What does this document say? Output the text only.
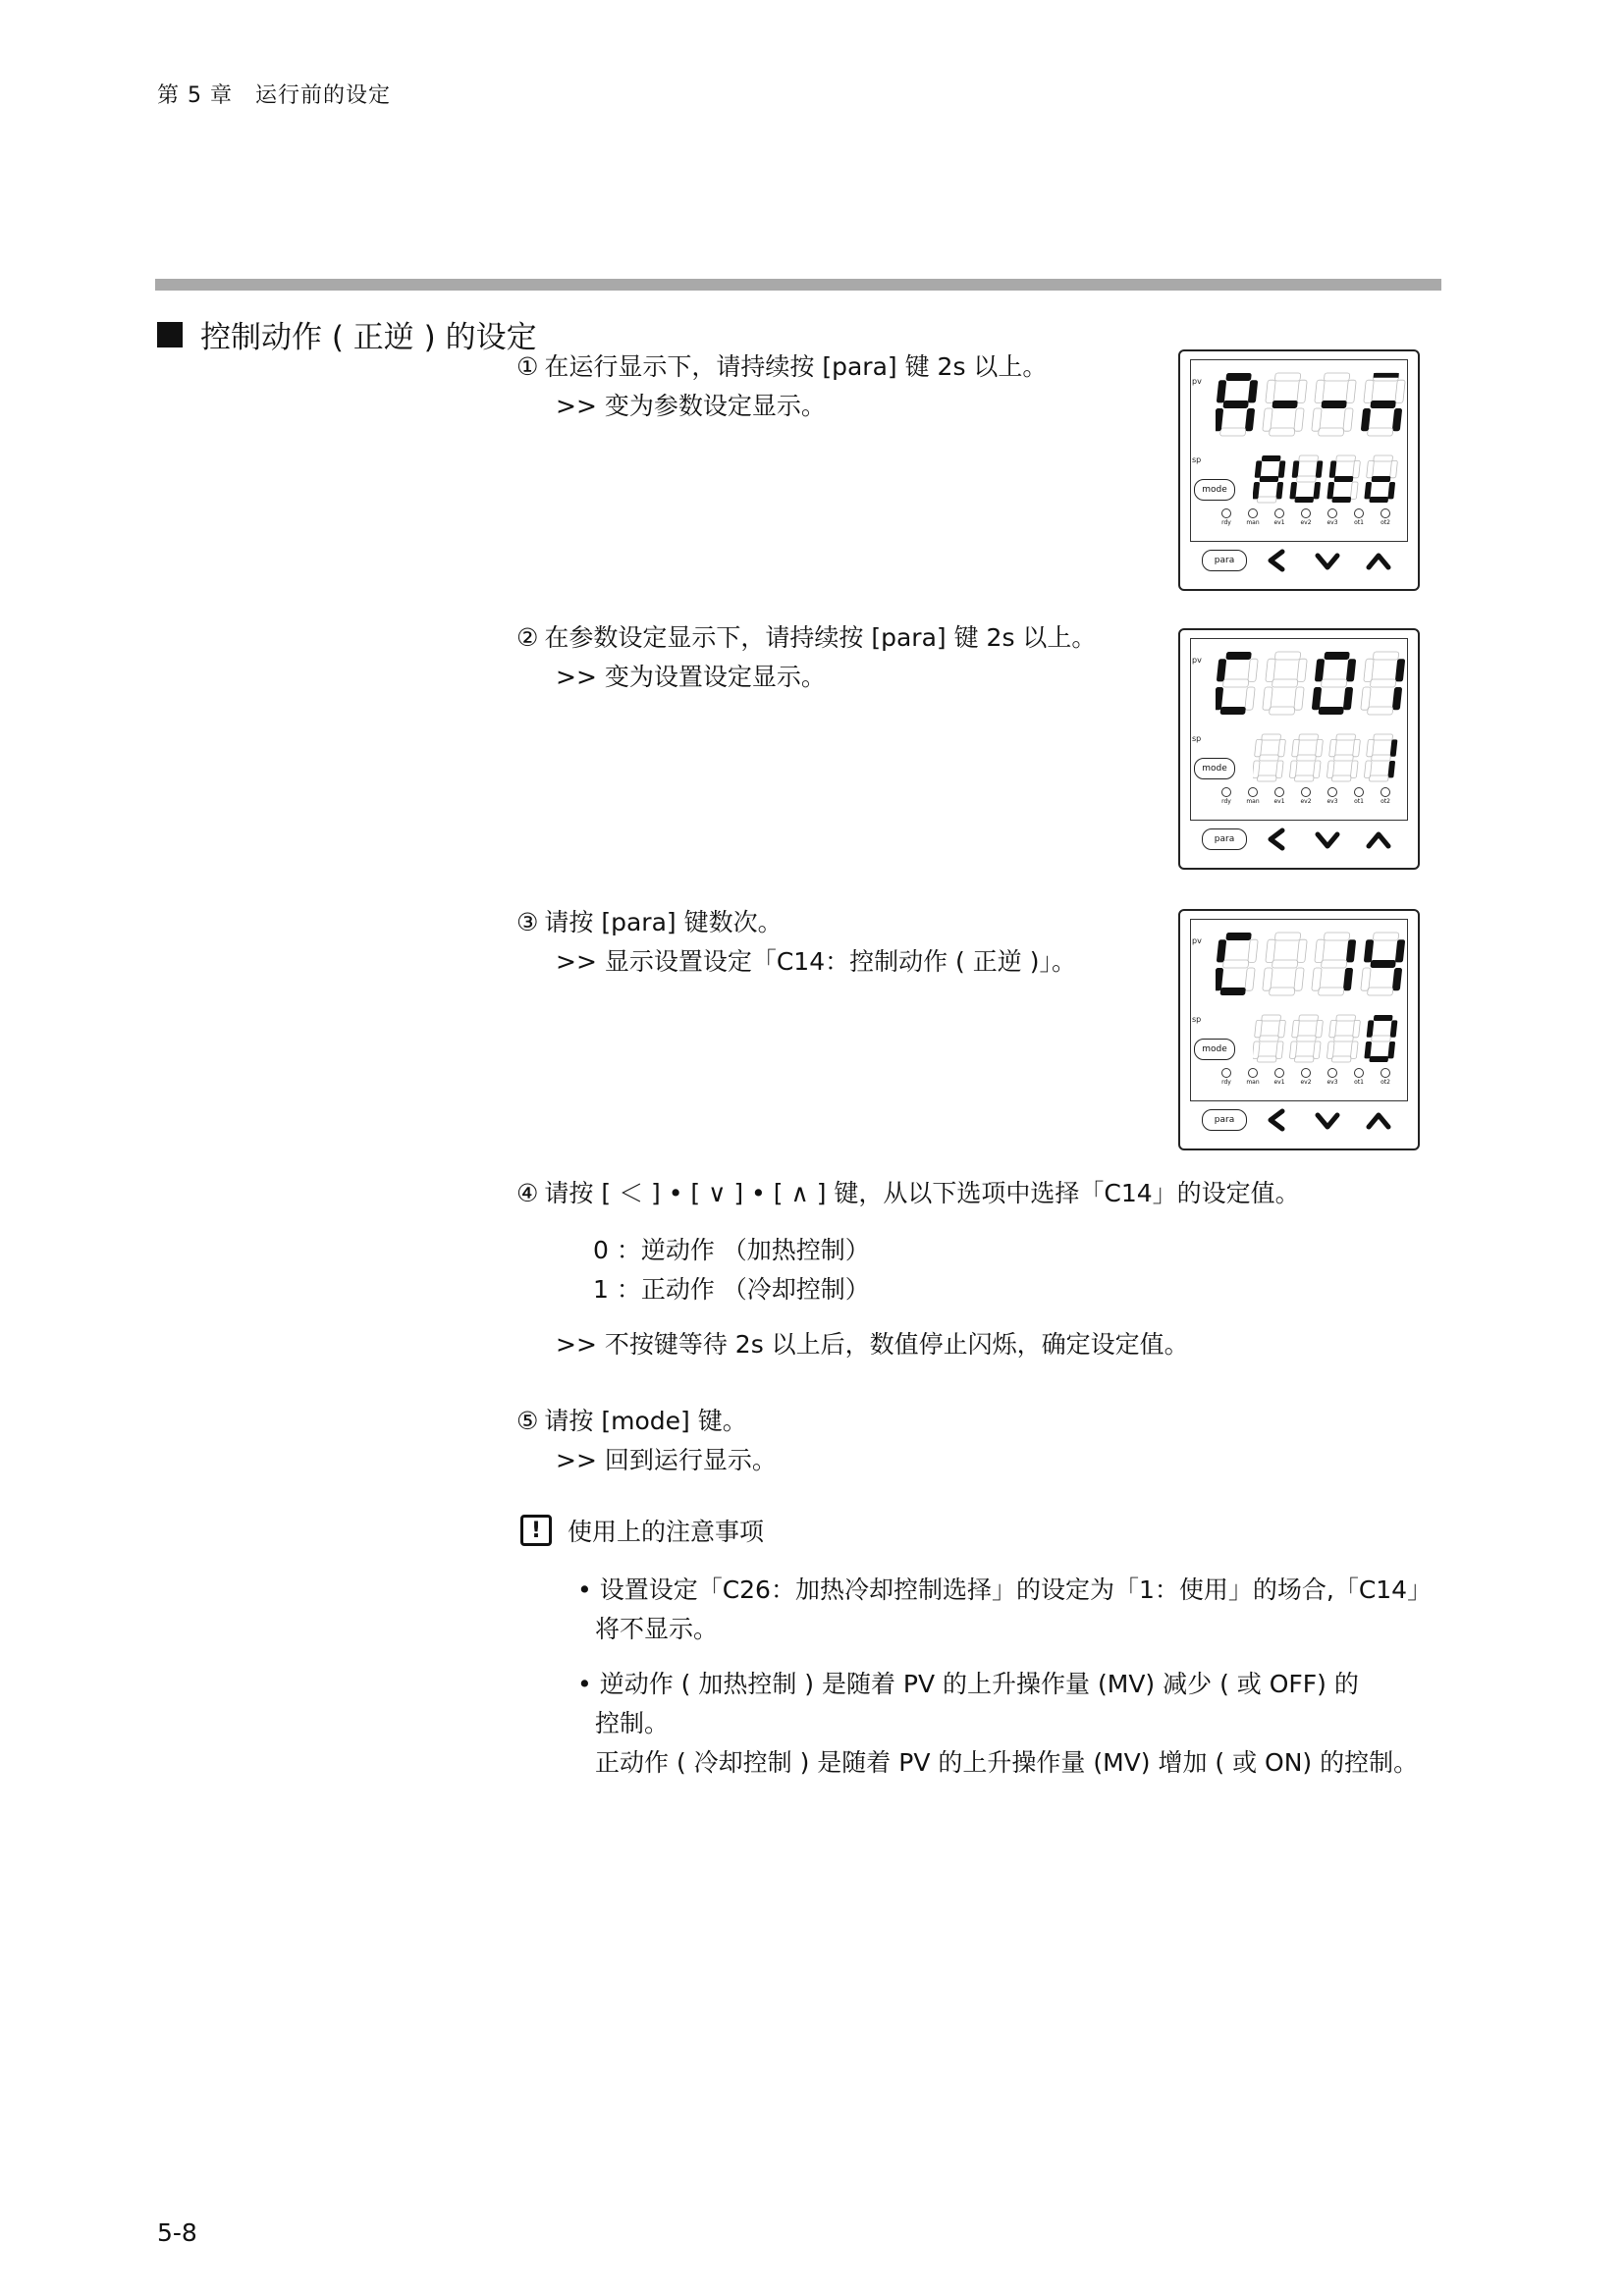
第 5 章　运行前的设定
控制动作 ( 正逆 ) 的设定
① 在运行显示下，请持续按 [para] 键 2s 以上。
>> 变为参数设定显示。
② 在参数设定显示下，请持续按 [para] 键 2s 以上。
>> 变为设置设定显示。
③ 请按 [para] 键数次。
>> 显示设置设定「C14：控制动作 ( 正逆 )」。
④ 请按 [ ＜ ] • [ ∨ ] • [ ∧ ] 键，从以下选项中选择「C14」的设定值。
0 ：逆动作 （加热控制）
1 ：正动作 （冷却控制）
>> 不按键等待 2s 以上后，数值停止闪烁，确定设定值。
⑤ 请按 [mode] 键。
>> 回到运行显示。
!	使用上的注意事项
• 设置设定「C26：加热冷却控制选择」的设定为「1：使用」的场合,「C14」
将不显示。
• 逆动作 ( 加热控制 ) 是随着 PV 的上升操作量 (MV) 减少 ( 或 OFF) 的
控制。
正动作 ( 冷却控制 ) 是随着 PV 的上升操作量 (MV) 增加 ( 或 ON) 的控制。
5-8
pv
sp
mode
rdy	man	ev1	ev2	ev3	ot1	ot2
para
pv
sp
mode
rdy	man	ev1	ev2	ev3	ot1	ot2
para
pv
sp
mode
rdy	man	ev1	ev2	ev3	ot1	ot2
para
